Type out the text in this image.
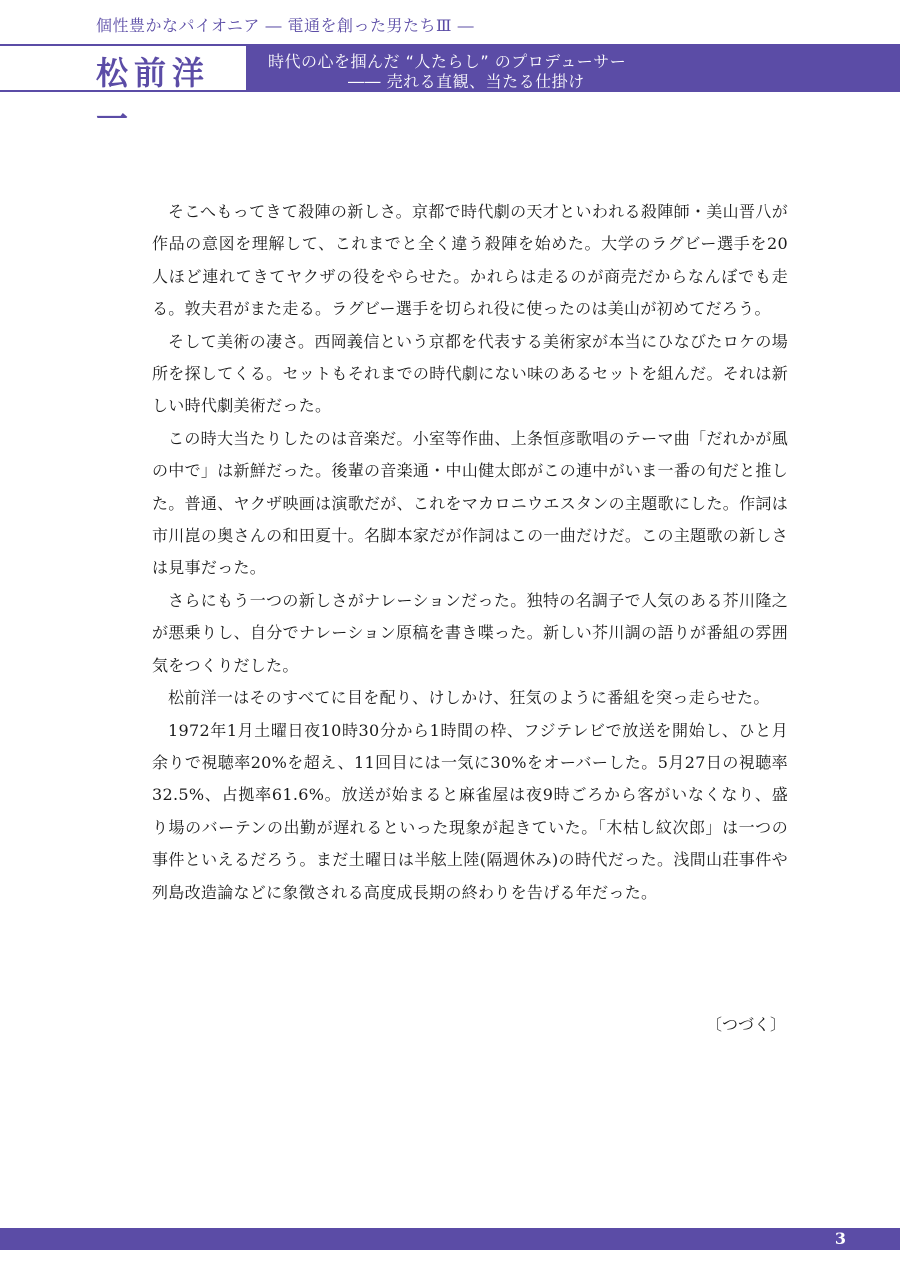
個性豊かなパイオニア ― 電通を創った男たちⅢ ―
松前洋一
時代の心を掴んだ “人たらし” のプロデューサー
―― 売れる直観、当たる仕掛け

そこへもってきて殺陣の新しさ。京都で時代劇の天才といわれる殺陣師・美山晋八が作品の意図を理解して、これまでと全く違う殺陣を始めた。大学のラグビー選手を20人ほど連れてきてヤクザの役をやらせた。かれらは走るのが商売だからなんぼでも走る。敦夫君がまた走る。ラグビー選手を切られ役に使ったのは美山が初めてだろう。

そして美術の凄さ。西岡義信という京都を代表する美術家が本当にひなびたロケの場所を探してくる。セットもそれまでの時代劇にない味のあるセットを組んだ。それは新しい時代劇美術だった。

この時大当たりしたのは音楽だ。小室等作曲、上条恒彦歌唱のテーマ曲「だれかが風の中で」は新鮮だった。後輩の音楽通・中山健太郎がこの連中がいま一番の旬だと推した。普通、ヤクザ映画は演歌だが、これをマカロニウエスタンの主題歌にした。作詞は市川崑の奥さんの和田夏十。名脚本家だが作詞はこの一曲だけだ。この主題歌の新しさは見事だった。

さらにもう一つの新しさがナレーションだった。独特の名調子で人気のある芥川隆之が悪乗りし、自分でナレーション原稿を書き喋った。新しい芥川調の語りが番組の雰囲気をつくりだした。

松前洋一はそのすべてに目を配り、けしかけ、狂気のように番組を突っ走らせた。

1972年1月土曜日夜10時30分から1時間の枠、フジテレビで放送を開始し、ひと月余りで視聴率20%を超え、11回目には一気に30%をオーバーした。5月27日の視聴率32.5%、占拠率61.6%。放送が始まると麻雀屋は夜9時ごろから客がいなくなり、盛り場のバーテンの出勤が遅れるといった現象が起きていた。「木枯し紋次郎」は一つの事件といえるだろう。まだ土曜日は半舷上陸(隔週休み)の時代だった。浅間山荘事件や列島改造論などに象徴される高度成長期の終わりを告げる年だった。

〔つづく〕
3
